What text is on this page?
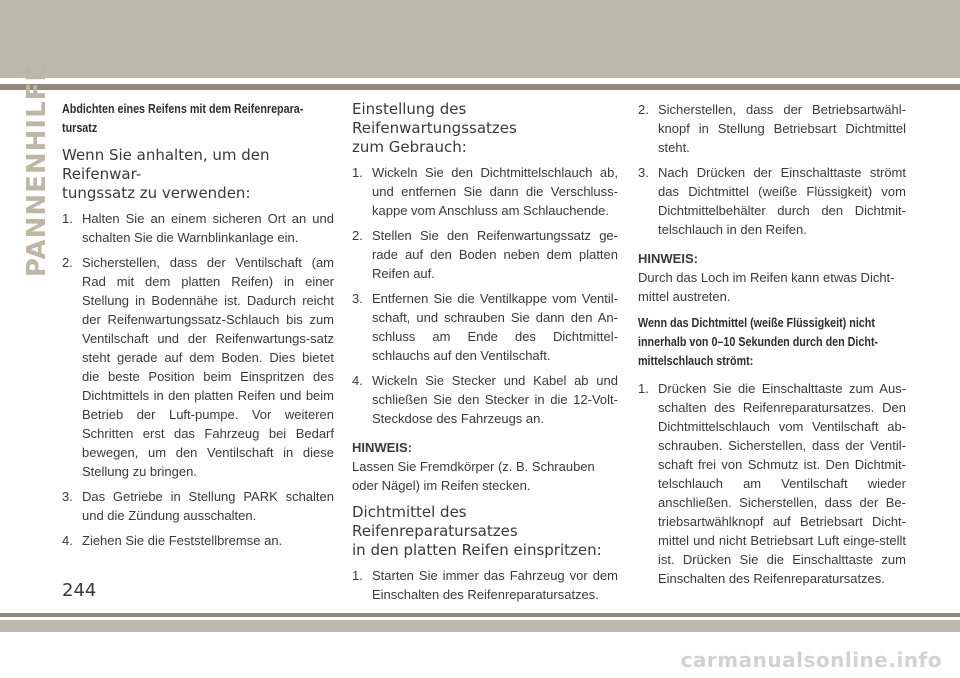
PANNENHILFE Abdichten eines Reifens mit dem Reifenrepara-
tursatz
Wenn Sie anhalten, um den Reifenwar-
tungssatz zu verwenden:
1. Halten Sie an einem sicheren Ort an und schalten Sie die Warnblinkanlage ein.
2. Sicherstellen, dass der Ventilschaft (am Rad mit dem platten Reifen) in einer Stellung in Bodennähe ist. Dadurch reicht der Reifenwartungssatz-Schlauch bis zum Ventilschaft und der Reifenwartungs-satz steht gerade auf dem Boden. Dies bietet die beste Position beim Einspritzen des Dichtmittels in den platten Reifen und beim Betrieb der Luft-pumpe. Vor weiteren Schritten erst das Fahrzeug bei Bedarf bewegen, um den Ventilschaft in diese Stellung zu bringen.
3. Das Getriebe in Stellung PARK schalten und die Zündung ausschalten.
4. Ziehen Sie die Feststellbremse an.
Einstellung des Reifenwartungssatzes
zum Gebrauch:
1. Wickeln Sie den Dichtmittelschlauch ab, und entfernen Sie dann die Verschluss-kappe vom Anschluss am Schlauchende.
2. Stellen Sie den Reifenwartungssatz ge-rade auf den Boden neben dem platten Reifen auf.
3. Entfernen Sie die Ventilkappe vom Ventil-schaft, und schrauben Sie dann den An-schluss am Ende des Dichtmittel-schlauchs auf den Ventilschaft.
4. Wickeln Sie Stecker und Kabel ab und schließen Sie den Stecker in die 12-Volt-Steckdose des Fahrzeugs an.
HINWEIS:
Lassen Sie Fremdkörper (z. B. Schrauben oder Nägel) im Reifen stecken.
Dichtmittel des Reifenreparatursatzes
in den platten Reifen einspritzen:
1. Starten Sie immer das Fahrzeug vor dem Einschalten des Reifenreparatursatzes.
2. Sicherstellen, dass der Betriebsartwähl-knopf in Stellung Betriebsart Dichtmittel steht.
3. Nach Drücken der Einschalttaste strömt das Dichtmittel (weiße Flüssigkeit) vom Dichtmittelbehälter durch den Dichtmit-telschlauch in den Reifen.
HINWEIS:
Durch das Loch im Reifen kann etwas Dicht-mittel austreten.
Wenn das Dichtmittel (weiße Flüssigkeit) nicht innerhalb von 0–10 Sekunden durch den Dicht-mittelschlauch strömt:
1. Drücken Sie die Einschalttaste zum Aus-schalten des Reifenreparatursatzes. Den Dichtmittelschlauch vom Ventilschaft ab-schrauben. Sicherstellen, dass der Ventil-schaft frei von Schmutz ist. Den Dichtmit-telschlauch am Ventilschaft wieder anschließen. Sicherstellen, dass der Be-triebsartwählknopf auf Betriebsart Dicht-mittel und nicht Betriebsart Luft einge-stellt ist. Drücken Sie die Einschalttaste zum Einschalten des Reifenreparatursatzes.
244
carmanualsonline.info
